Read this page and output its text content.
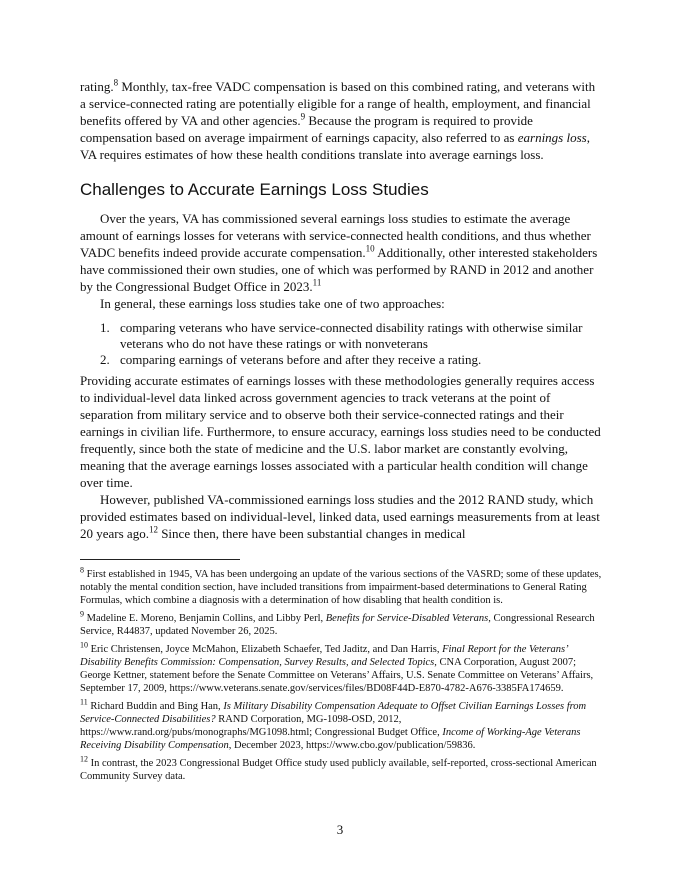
rating.$^8$ Monthly, tax-free VADC compensation is based on this combined rating, and veterans with a service-connected rating are potentially eligible for a range of health, employment, and financial benefits offered by VA and other agencies.$^9$ Because the program is required to provide compensation based on average impairment of earnings capacity, also referred to as earnings loss, VA requires estimates of how these health conditions translate into average earnings loss.

Challenges to Accurate Earnings Loss Studies

Over the years, VA has commissioned several earnings loss studies to estimate the average amount of earnings losses for veterans with service-connected health conditions, and thus whether VADC benefits indeed provide accurate compensation.$^{10}$ Additionally, other interested stakeholders have commissioned their own studies, one of which was performed by RAND in 2012 and another by the Congressional Budget Office in 2023.11

In general, these earnings loss studies take one of two approaches:

1. comparing veterans who have service-connected disability ratings with otherwise similar veterans who do not have these ratings or with nonveterans
2. comparing earnings of veterans before and after they receive a rating.

Providing accurate estimates of earnings losses with these methodologies generally requires access to individual-level data linked across government agencies to track veterans at the point of separation from military service and to observe both their service-connected ratings and their earnings in civilian life. Furthermore, to ensure accuracy, earnings loss studies need to be conducted frequently, since both the state of medicine and the U.S. labor market are constantly evolving, meaning that the average earnings losses associated with a particular health condition will change over time.

However, published VA-commissioned earnings loss studies and the 2012 RAND study, which provided estimates based on individual-level, linked data, used earnings measurements from at least 20 years ago.$^{12}$ Since then, there have been substantial changes in medical

$^8$ First established in 1945, VA has been undergoing an update of the various sections of the VASRD; some of these updates, notably the mental condition section, have included transitions from impairment-based determinations to General Rating Formulas, which combine a diagnosis with a determination of how disabling that health condition is.

$^9$ Madeline E. Moreno, Benjamin Collins, and Libby Perl, Benefits for Service-Disabled Veterans, Congressional Research Service, R44837, updated November 26, 2025.

$^{10}$ Eric Christensen, Joyce McMahon, Elizabeth Schaefer, Ted Jaditz, and Dan Harris, Final Report for the Veterans’ Disability Benefits Commission: Compensation, Survey Results, and Selected Topics, CNA Corporation, August 2007; George Kettner, statement before the Senate Committee on Veterans’ Affairs, U.S. Senate Committee on Veterans’ Affairs, September 17, 2009, https://www.veterans.senate.gov/services/files/BD08F44D-E870-4782-A676-3385FA174659.

$^{11}$ Richard Buddin and Bing Han, Is Military Disability Compensation Adequate to Offset Civilian Earnings Losses from Service-Connected Disabilities? RAND Corporation, MG-1098-OSD, 2012, https://www.rand.org/pubs/monographs/MG1098.html; Congressional Budget Office, Income of Working-Age Veterans Receiving Disability Compensation, December 2023, https://www.cbo.gov/publication/59836.

$^{12}$ In contrast, the 2023 Congressional Budget Office study used publicly available, self-reported, cross-sectional American Community Survey data.

3
